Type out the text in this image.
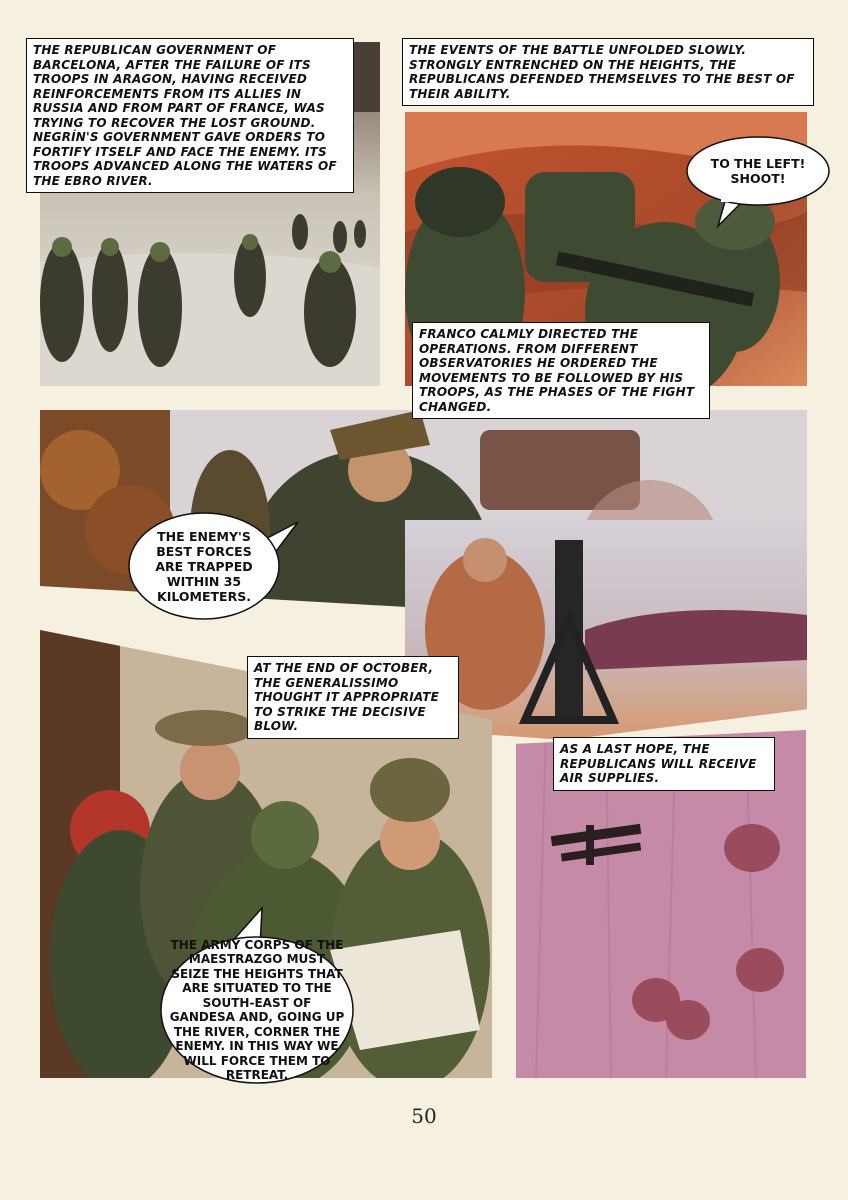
THE REPUBLICAN GOVERNMENT OF BARCELONA, AFTER THE FAILURE OF ITS TROOPS IN ARAGON, HAVING RECEIVED REINFORCEMENTS FROM ITS ALLIES IN RUSSIA AND FROM PART OF FRANCE, WAS TRYING TO RECOVER THE LOST GROUND. NEGRÍN'S GOVERNMENT GAVE ORDERS TO FORTIFY ITSELF AND FACE THE ENEMY. ITS TROOPS ADVANCED ALONG THE WATERS OF THE EBRO RIVER.
THE EVENTS OF THE BATTLE UNFOLDED SLOWLY. STRONGLY ENTRENCHED ON THE HEIGHTS, THE REPUBLICANS DEFENDED THEMSELVES TO THE BEST OF THEIR ABILITY.
FRANCO CALMLY DIRECTED THE OPERATIONS. FROM DIFFERENT OBSERVATORIES HE ORDERED THE MOVEMENTS TO BE FOLLOWED BY HIS TROOPS, AS THE PHASES OF THE FIGHT CHANGED.
AT THE END OF OCTOBER, THE GENERALISSIMO THOUGHT IT APPROPRIATE TO STRIKE THE DECISIVE BLOW.
AS A LAST HOPE, THE REPUBLICANS WILL RECEIVE AIR SUPPLIES.
TO THE LEFT! SHOOT!
THE ENEMY'S BEST FORCES ARE TRAPPED WITHIN 35 KILOMETERS.
THE ARMY CORPS OF THE MAESTRAZGO MUST SEIZE THE HEIGHTS THAT ARE SITUATED TO THE SOUTH-EAST OF GANDESA AND, GOING UP THE RIVER, CORNER THE ENEMY. IN THIS WAY WE WILL FORCE THEM TO RETREAT.
50
